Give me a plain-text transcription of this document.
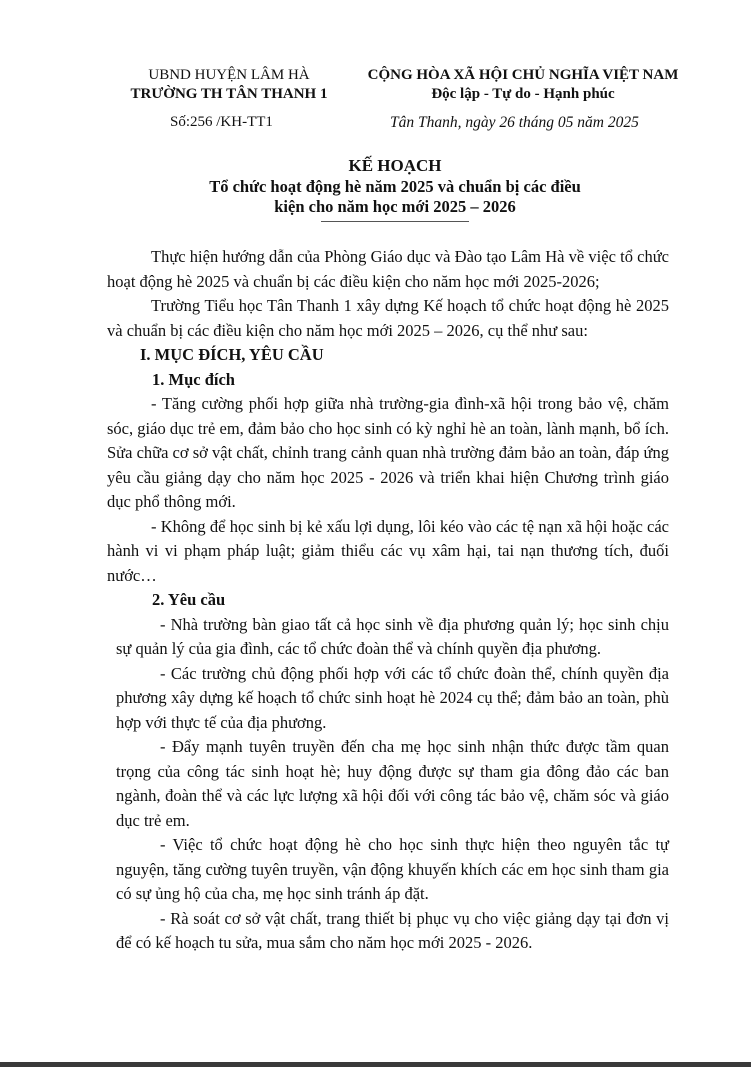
UBND HUYỆN LÂM HÀ
TRƯỜNG TH TÂN THANH 1
CỘNG HÒA XÃ HỘI CHỦ NGHĨA VIỆT NAM
Độc lập - Tự do - Hạnh phúc
Số:256 /KH-TT1	Tân Thanh, ngày 26 tháng 05 năm 2025
KẾ HOẠCH
Tổ chức hoạt động hè năm 2025 và chuẩn bị các điều
kiện cho năm học mới 2025 – 2026

Thực hiện hướng dẫn của Phòng Giáo dục và Đào tạo Lâm Hà về việc tổ chức hoạt động hè 2025 và chuẩn bị các điều kiện cho năm học mới 2025-2026;

Trường Tiểu học Tân Thanh 1 xây dựng Kế hoạch tổ chức hoạt động hè 2025 và chuẩn bị các điều kiện cho năm học mới 2025 – 2026, cụ thể như sau:

I. MỤC ĐÍCH, YÊU CẦU

1. Mục đích

- Tăng cường phối hợp giữa nhà trường-gia đình-xã hội trong bảo vệ, chăm sóc, giáo dục trẻ em, đảm bảo cho học sinh có kỳ nghỉ hè an toàn, lành mạnh, bổ ích. Sửa chữa cơ sở vật chất, chỉnh trang cảnh quan nhà trường đảm bảo an toàn, đáp ứng yêu cầu giảng dạy cho năm học 2025 - 2026 và triển khai hiện Chương trình giáo dục phổ thông mới.

- Không để học sinh bị kẻ xấu lợi dụng, lôi kéo vào các tệ nạn xã hội hoặc các hành vi vi phạm pháp luật; giảm thiểu các vụ xâm hại, tai nạn thương tích, đuối nước…

2. Yêu cầu

- Nhà trường bàn giao tất cả học sinh về địa phương quản lý; học sinh chịu sự quản lý của gia đình, các tổ chức đoàn thể và chính quyền địa phương.

- Các trường chủ động phối hợp với các tổ chức đoàn thể, chính quyền địa phương xây dựng kế hoạch tổ chức sinh hoạt hè 2024 cụ thể; đảm bảo an toàn, phù hợp với thực tế của địa phương.

- Đẩy mạnh tuyên truyền đến cha mẹ học sinh nhận thức được tầm quan trọng của công tác sinh hoạt hè; huy động được sự tham gia đông đảo các ban ngành, đoàn thể và các lực lượng xã hội đối với công tác bảo vệ, chăm sóc và giáo dục trẻ em.

- Việc tổ chức hoạt động hè cho học sinh thực hiện theo nguyên tắc tự nguyện, tăng cường tuyên truyền, vận động khuyến khích các em học sinh tham gia có sự ủng hộ của cha, mẹ học sinh tránh áp đặt.

- Rà soát cơ sở vật chất, trang thiết bị phục vụ cho việc giảng dạy tại đơn vị để có kế hoạch tu sửa, mua sắm cho năm học mới 2025 - 2026.
